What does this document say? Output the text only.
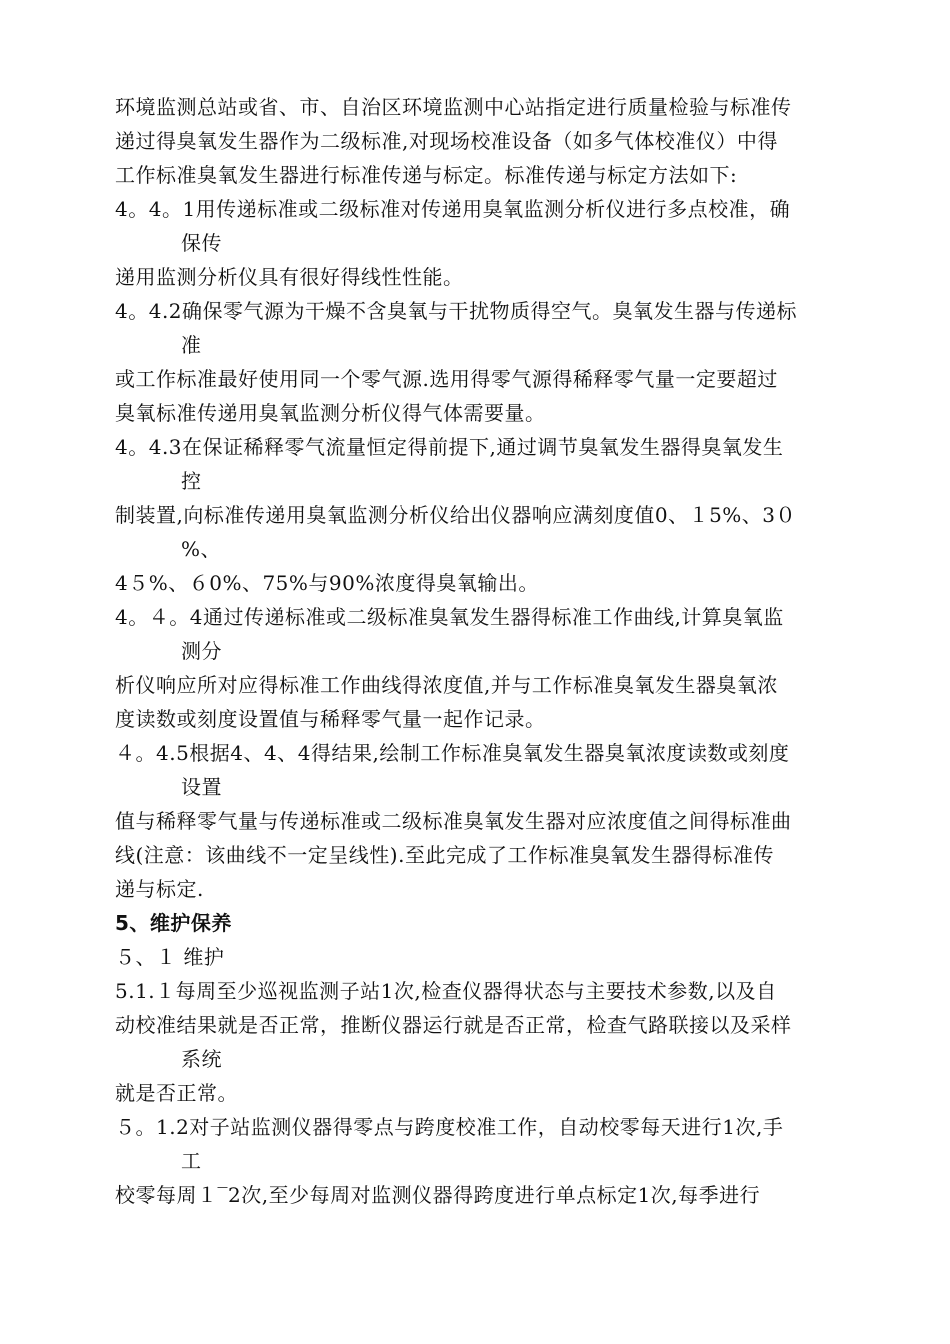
环境监测总站或省、市、自治区环境监测中心站指定进行质量检验与标准传
递过得臭氧发生器作为二级标准,对现场校准设备（如多气体校准仪）中得
工作标准臭氧发生器进行标准传递与标定。标准传递与标定方法如下:
4。4。1用传递标准或二级标准对传递用臭氧监测分析仪进行多点校准，确
保传
递用监测分析仪具有很好得线性性能。
4。4.2确保零气源为干燥不含臭氧与干扰物质得空气。臭氧发生器与传递标
准
或工作标准最好使用同一个零气源.选用得零气源得稀释零气量一定要超过
臭氧标准传递用臭氧监测分析仪得气体需要量。
4。4.3在保证稀释零气流量恒定得前提下,通过调节臭氧发生器得臭氧发生
控
制装置,向标准传递用臭氧监测分析仪给出仪器响应满刻度值0、１5%、3０
%、
4５%、６0%、75%与90%浓度得臭氧输出。
4。４。4通过传递标准或二级标准臭氧发生器得标准工作曲线,计算臭氧监
测分
析仪响应所对应得标准工作曲线得浓度值,并与工作标准臭氧发生器臭氧浓
度读数或刻度设置值与稀释零气量一起作记录。
４。4.5根据4、4、4得结果,绘制工作标准臭氧发生器臭氧浓度读数或刻度
设置
值与稀释零气量与传递标准或二级标准臭氧发生器对应浓度值之间得标准曲
线(注意：该曲线不一定呈线性).至此完成了工作标准臭氧发生器得标准传
递与标定.
5、维护保养
５、１ 维护
5.1.１每周至少巡视监测子站1次,检查仪器得状态与主要技术参数,以及自
动校准结果就是否正常，推断仪器运行就是否正常，检查气路联接以及采样
系统
就是否正常。
５。1.2对子站监测仪器得零点与跨度校准工作，自动校零每天进行1次,手
工
校零每周１‾2次,至少每周对监测仪器得跨度进行单点标定1次,每季进行
